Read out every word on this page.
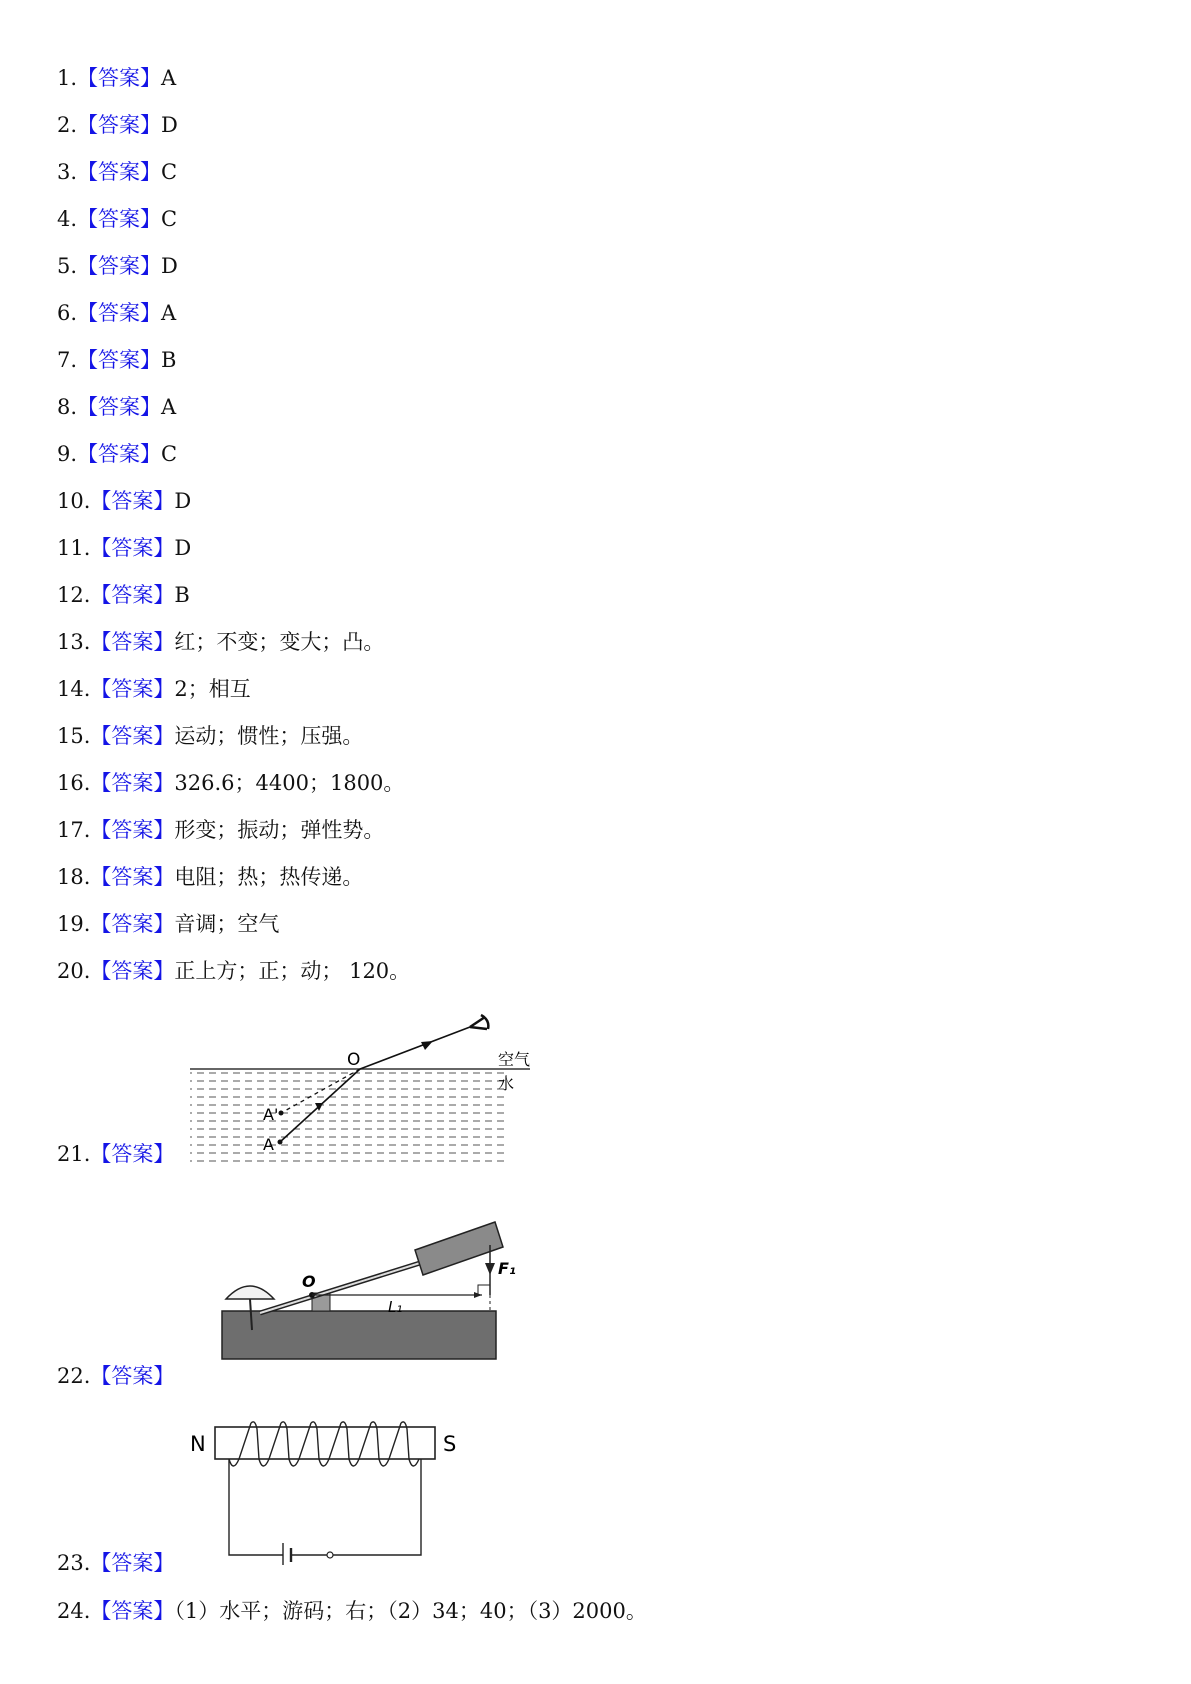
1.【答案】A
2.【答案】D
3.【答案】C
4.【答案】C
5.【答案】D
6.【答案】A
7.【答案】B
8.【答案】A
9.【答案】C
10.【答案】D
11.【答案】D
12.【答案】B
13.【答案】红；不变；变大；凸。
14.【答案】2；相互
15.【答案】运动；惯性；压强。
16.【答案】326.6；4400；1800。
17.【答案】形变；振动；弹性势。
18.【答案】电阻；热；热传递。
19.【答案】音调；空气
20.【答案】正上方；正；动； 120。
21.【答案】
22.【答案】
23.【答案】
24.【答案】（1）水平；游码；右；（2）34；40；（3）2000。
O
A'
A
空气
水
O
F₁
L₁
N	S
